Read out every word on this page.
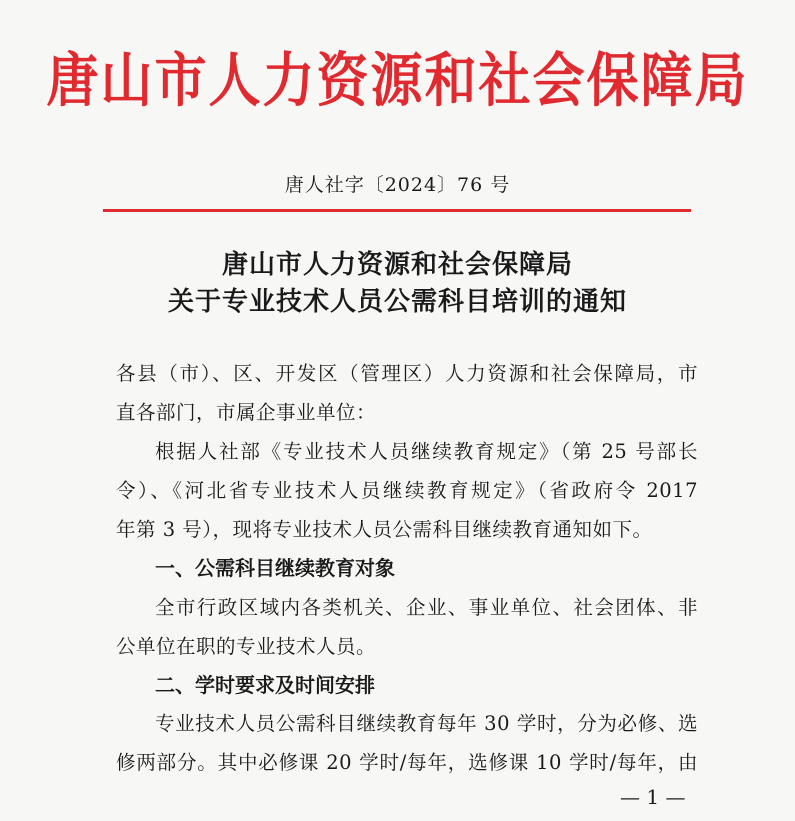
唐山市人力资源和社会保障局
唐人社字〔2024〕76 号
唐山市人力资源和社会保障局
关于专业技术人员公需科目培训的通知
各县（市）、区、开发区（管理区）人力资源和社会保障局，市
直各部门，市属企事业单位：
根据人社部《专业技术人员继续教育规定》（第 25 号部长
令）、《河北省专业技术人员继续教育规定》（省政府令 2017
年第 3 号），现将专业技术人员公需科目继续教育通知如下。
一、公需科目继续教育对象
全市行政区域内各类机关、企业、事业单位、社会团体、非
公单位在职的专业技术人员。
二、学时要求及时间安排
专业技术人员公需科目继续教育每年 30 学时，分为必修、选
修两部分。其中必修课 20 学时/每年，选修课 10 学时/每年，由
— 1 —
